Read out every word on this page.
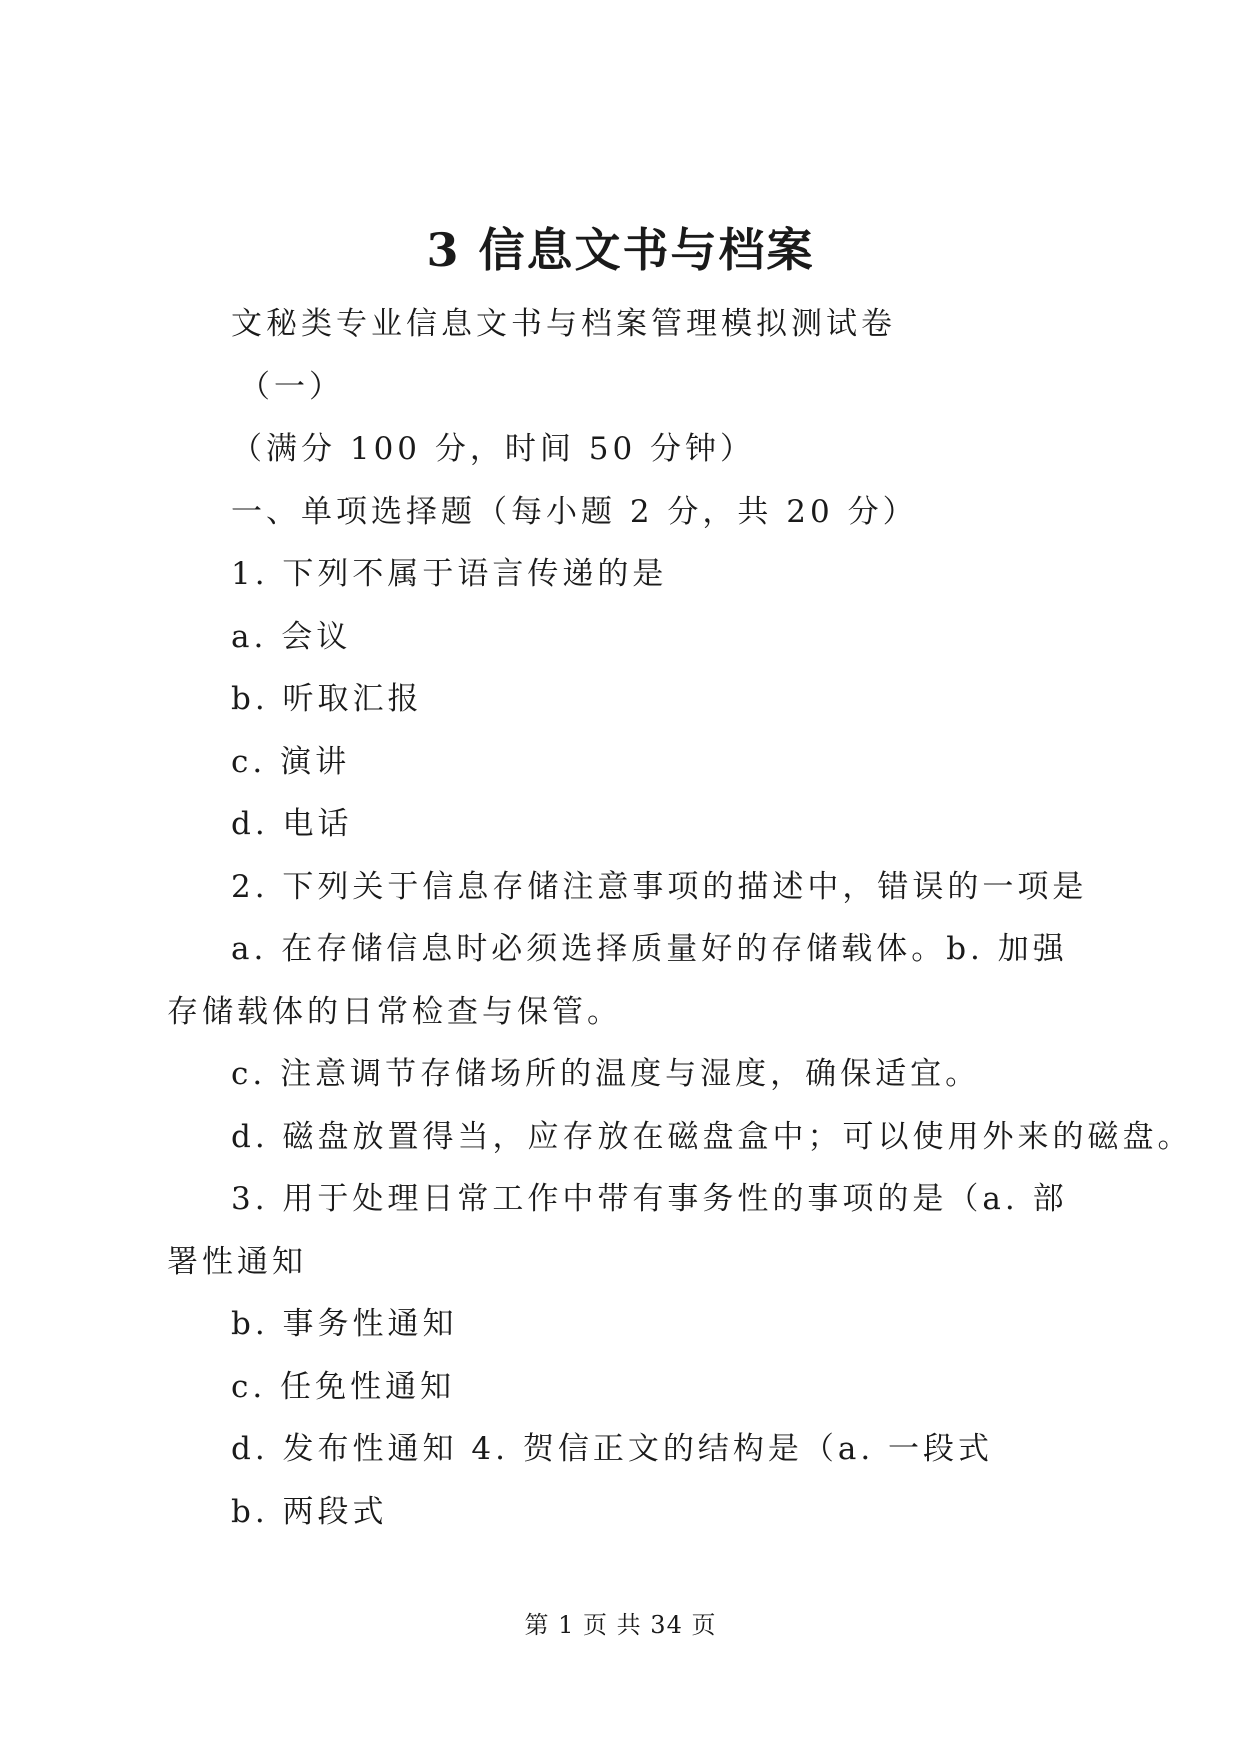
3 信息文书与档案

文秘类专业信息文书与档案管理模拟测试卷

（一）

（满分 100 分，时间 50 分钟）

一、单项选择题（每小题 2 分，共 20 分）

1. 下列不属于语言传递的是

a. 会议

b. 听取汇报

c. 演讲

d. 电话

2. 下列关于信息存储注意事项的描述中，错误的一项是

a. 在存储信息时必须选择质量好的存储载体。b. 加强存储载体的日常检查与保管。

c. 注意调节存储场所的温度与湿度，确保适宜。

d. 磁盘放置得当，应存放在磁盘盒中；可以使用外来的磁盘。

3. 用于处理日常工作中带有事务性的事项的是（a. 部署性通知

b. 事务性通知

c. 任免性通知

d. 发布性通知 4. 贺信正文的结构是（a. 一段式

b. 两段式

第 1 页 共 34 页
